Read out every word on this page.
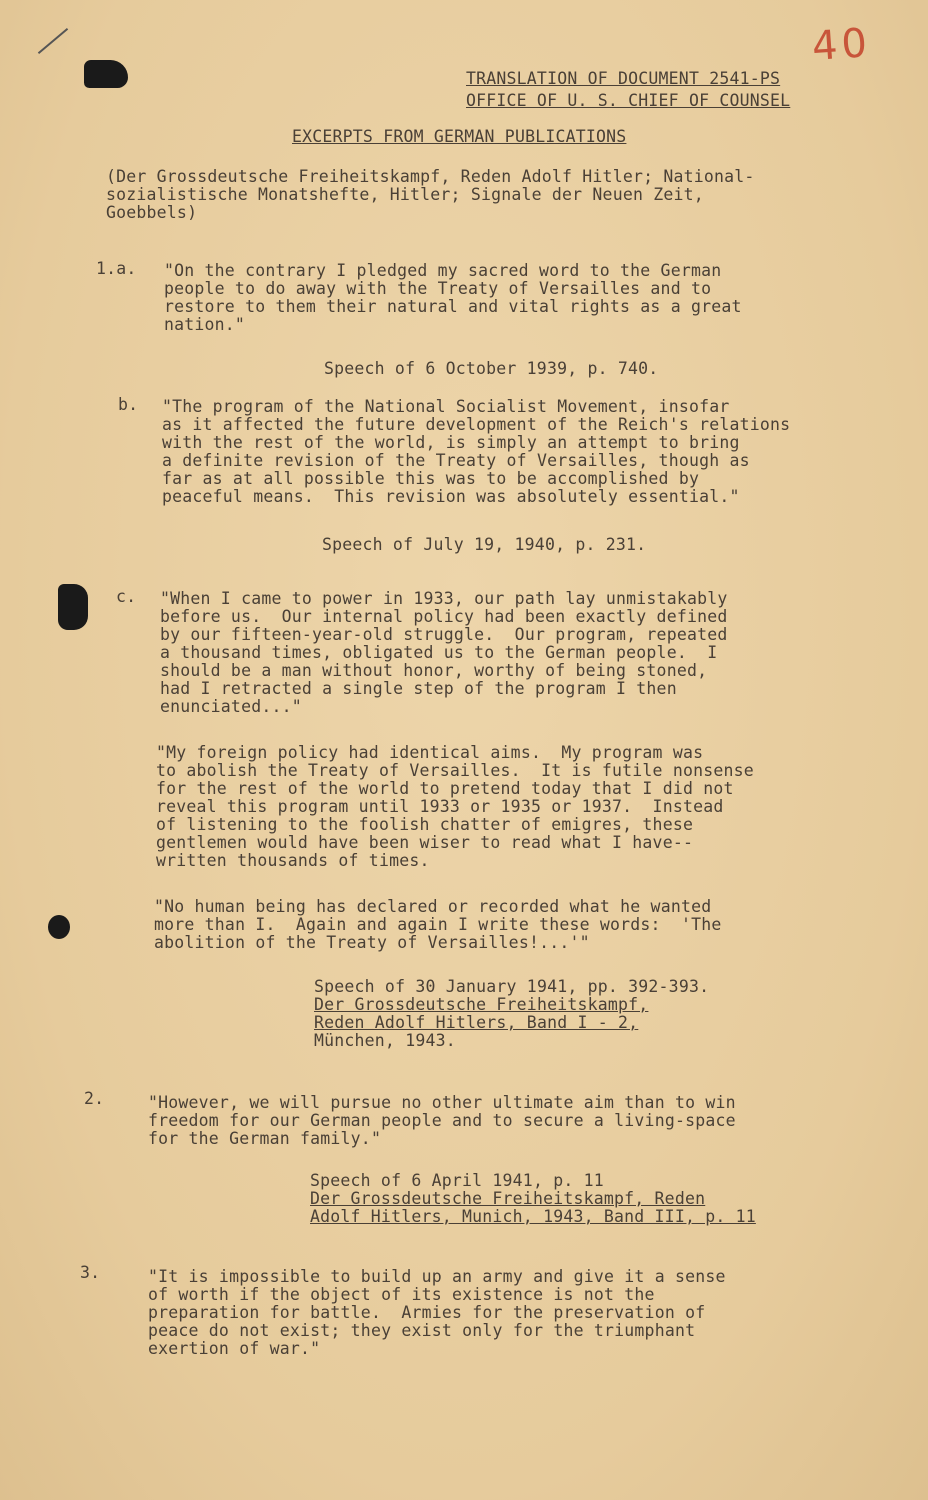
40
TRANSLATION OF DOCUMENT 2541-PS
OFFICE OF U. S. CHIEF OF COUNSEL
EXCERPTS FROM GERMAN PUBLICATIONS
(Der Grossdeutsche Freiheitskampf, Reden Adolf Hitler; National-
sozialistische Monatshefte, Hitler; Signale der Neuen Zeit,
Goebbels)
1.a. "On the contrary I pledged my sacred word to the German
people to do away with the Treaty of Versailles and to
restore to them their natural and vital rights as a great
nation."
Speech of 6 October 1939, p. 740.
b. "The program of the National Socialist Movement, insofar
as it affected the future development of the Reich's relations
with the rest of the world, is simply an attempt to bring
a definite revision of the Treaty of Versailles, though as
far as at all possible this was to be accomplished by
peaceful means.  This revision was absolutely essential."
Speech of July 19, 1940, p. 231.
c. "When I came to power in 1933, our path lay unmistakably
before us.  Our internal policy had been exactly defined
by our fifteen-year-old struggle.  Our program, repeated
a thousand times, obligated us to the German people.  I
should be a man without honor, worthy of being stoned,
had I retracted a single step of the program I then
enunciated..."
"My foreign policy had identical aims.  My program was
to abolish the Treaty of Versailles.  It is futile nonsense
for the rest of the world to pretend today that I did not
reveal this program until 1933 or 1935 or 1937.  Instead
of listening to the foolish chatter of emigres, these
gentlemen would have been wiser to read what I have--
written thousands of times.
"No human being has declared or recorded what he wanted
more than I.  Again and again I write these words:  'The
abolition of the Treaty of Versailles!...'"
Speech of 30 January 1941, pp. 392-393.
Der Grossdeutsche Freiheitskampf,
Reden Adolf Hitlers, Band I - 2,
München, 1943.
2.	"However, we will pursue no other ultimate aim than to win
freedom for our German people and to secure a living-space
for the German family."
Speech of 6 April 1941, p. 11
Der Grossdeutsche Freiheitskampf, Reden
Adolf Hitlers, Munich, 1943, Band III, p. 11
3.	"It is impossible to build up an army and give it a sense
of worth if the object of its existence is not the
preparation for battle.  Armies for the preservation of
peace do not exist; they exist only for the triumphant
exertion of war."
